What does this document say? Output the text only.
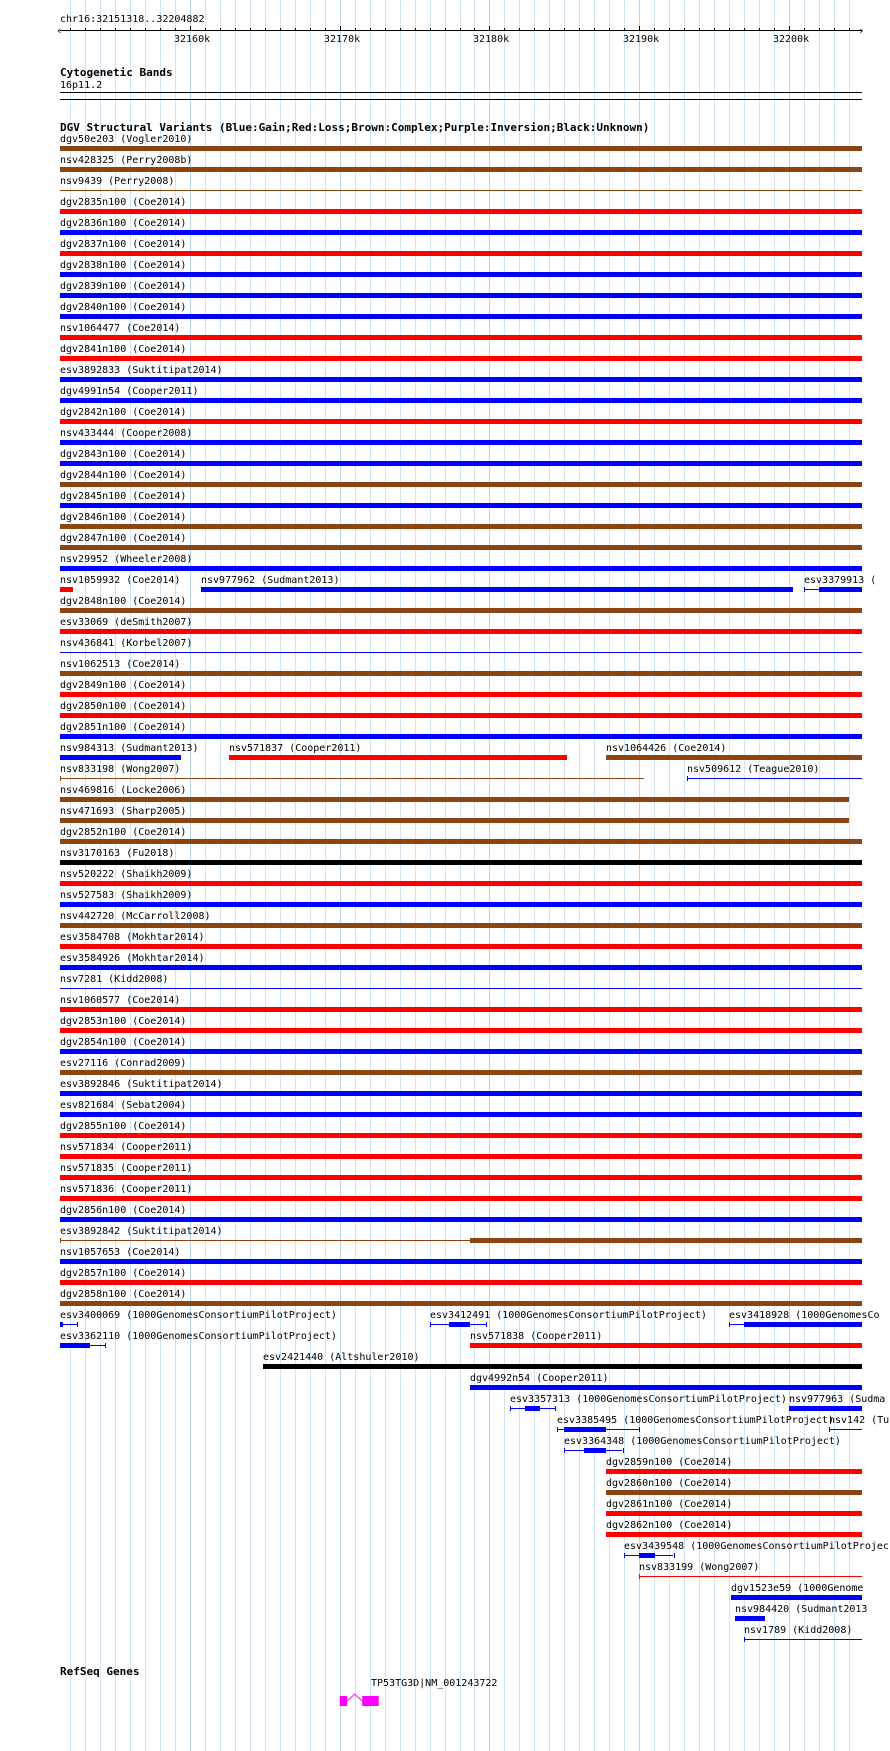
chr16:32151318..32204882
‹	›
32160k	32170k	32180k	32190k	32200k
Cytogenetic Bands
16p11.2
DGV Structural Variants (Blue:Gain;Red:Loss;Brown:Complex;Purple:Inversion;Black:Unknown)
dgv50e203 (Vogler2010)
nsv428325 (Perry2008b)
nsv9439 (Perry2008)
dgv2835n100 (Coe2014)
dgv2836n100 (Coe2014)
dgv2837n100 (Coe2014)
dgv2838n100 (Coe2014)
dgv2839n100 (Coe2014)
dgv2840n100 (Coe2014)
nsv1064477 (Coe2014)
dgv2841n100 (Coe2014)
esv3892833 (Suktitipat2014)
dgv4991n54 (Cooper2011)
dgv2842n100 (Coe2014)
nsv433444 (Cooper2008)
dgv2843n100 (Coe2014)
dgv2844n100 (Coe2014)
dgv2845n100 (Coe2014)
dgv2846n100 (Coe2014)
dgv2847n100 (Coe2014)
nsv29952 (Wheeler2008)
nsv1059932 (Coe2014) nsv977962 (Sudmant2013)	esv3379913 (
dgv2848n100 (Coe2014)
esv33069 (deSmith2007)
nsv436841 (Korbel2007)
nsv1062513 (Coe2014)
dgv2849n100 (Coe2014)
dgv2850n100 (Coe2014)
dgv2851n100 (Coe2014)
nsv984313 (Sudmant2013)	nsv571837 (Cooper2011)	nsv1064426 (Coe2014)
nsv833198 (Wong2007)	nsv509612 (Teague2010)
nsv469816 (Locke2006)
nsv471693 (Sharp2005)
dgv2852n100 (Coe2014)
nsv3170163 (Fu2018)
nsv520222 (Shaikh2009)
nsv527583 (Shaikh2009)
nsv442720 (McCarroll2008)
esv3584708 (Mokhtar2014)
esv3584926 (Mokhtar2014)
nsv7281 (Kidd2008)
nsv1060577 (Coe2014)
dgv2853n100 (Coe2014)
dgv2854n100 (Coe2014)
esv27116 (Conrad2009)
esv3892846 (Suktitipat2014)
esv821684 (Sebat2004)
dgv2855n100 (Coe2014)
nsv571834 (Cooper2011)
nsv571835 (Cooper2011)
nsv571836 (Cooper2011)
dgv2856n100 (Coe2014)
esv3892842 (Suktitipat2014)
nsv1057653 (Coe2014)
dgv2857n100 (Coe2014)
dgv2858n100 (Coe2014)
esv3400069 (1000GenomesConsortiumPilotProject)	esv3412491 (1000GenomesConsortiumPilotProject) esv3418928 (1000GenomesCo
esv3362110 (1000GenomesConsortiumPilotProject)	nsv571838 (Cooper2011)
esv2421440 (Altshuler2010)
dgv4992n54 (Cooper2011)
esv3357313 (1000GenomesConsortiumPilotProject) nsv977963 (Sudma
esv3385495 (1000GenomesConsortiumPilotProject)
nsv142 (Tu
esv3364348 (1000GenomesConsortiumPilotProject)
dgv2859n100 (Coe2014)
dgv2860n100 (Coe2014)
dgv2861n100 (Coe2014)
dgv2862n100 (Coe2014)
esv3439548 (1000GenomesConsortiumPilotProjec
nsv833199 (Wong2007)
dgv1523e59 (1000Genome
nsv984420 (Sudmant2013
nsv1789 (Kidd2008)
RefSeq Genes
TP53TG3D|NM_001243722
